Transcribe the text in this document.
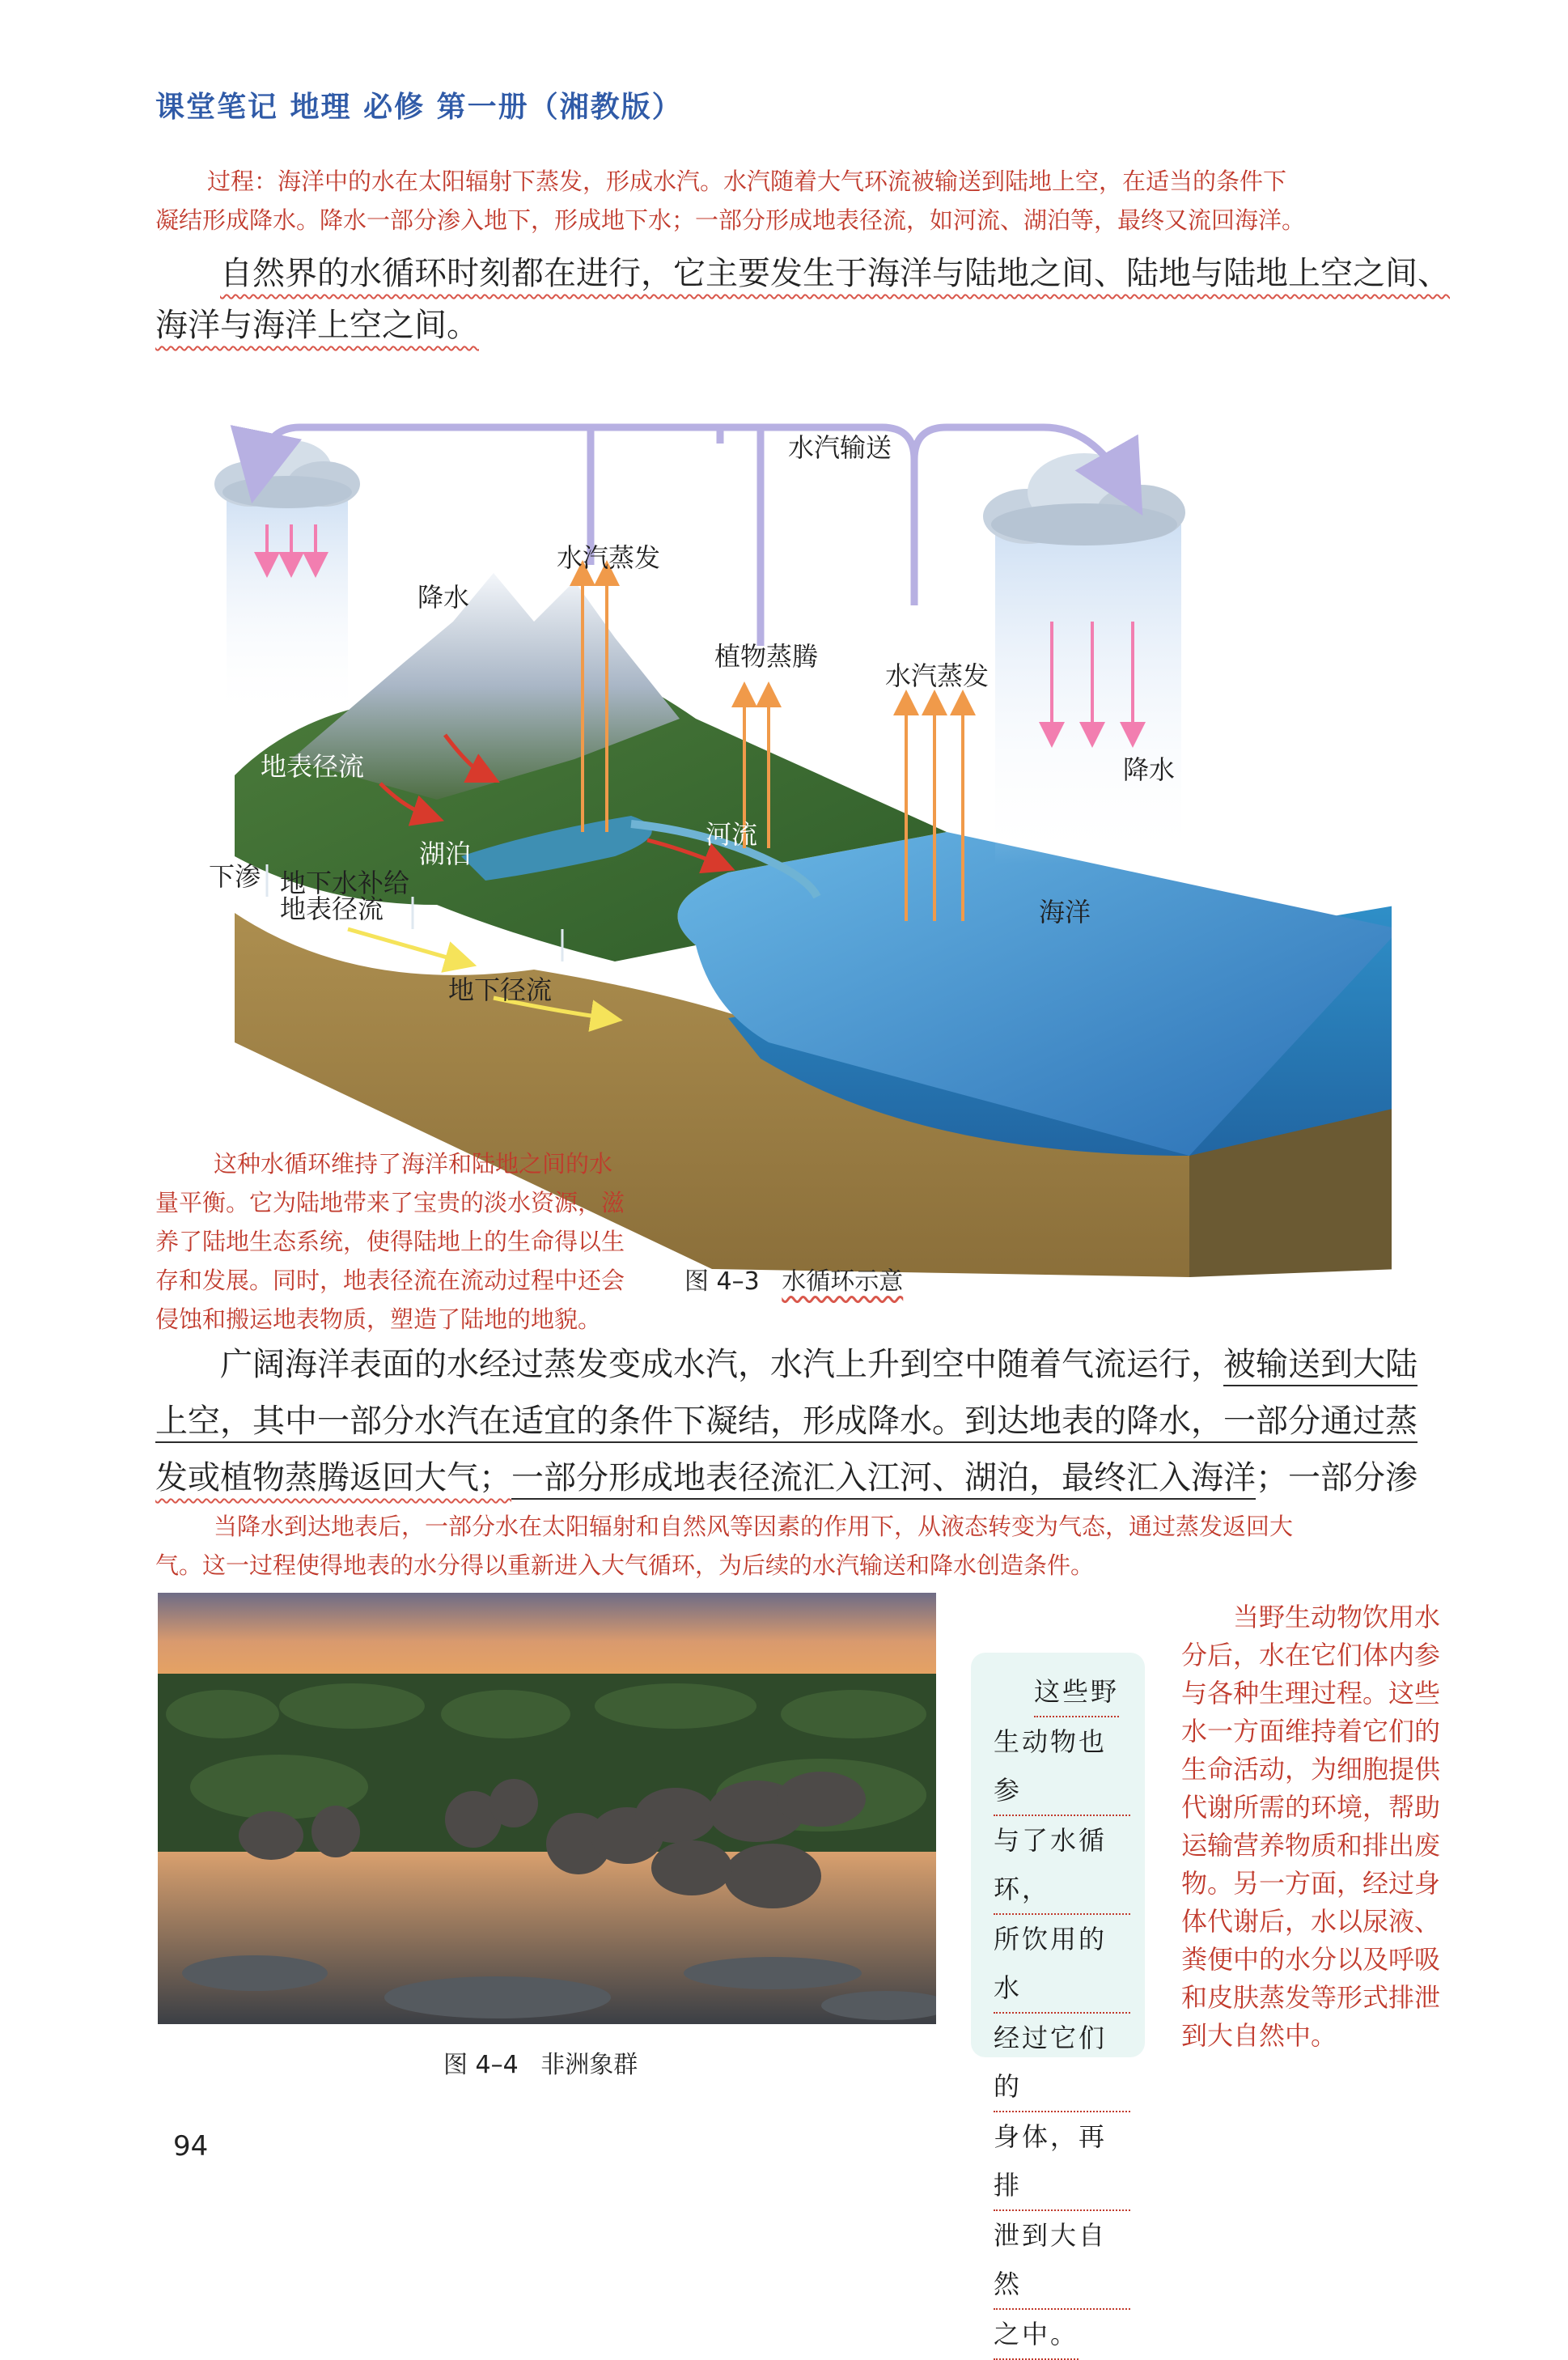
课堂笔记 地理 必修 第一册（湘教版）
过程：海洋中的水在太阳辐射下蒸发，形成水汽。水汽随着大气环流被输送到陆地上空，在适当的条件下
凝结形成降水。降水一部分渗入地下，形成地下水；一部分形成地表径流，如河流、湖泊等，最终又流回海洋。
自然界的水循环时刻都在进行，它主要发生于海洋与陆地之间、陆地与陆地上空之间、
海洋与海洋上空之间。
水汽输送
降水
水汽蒸发
植物蒸腾
水汽蒸发
降水
地表径流
湖泊
河流
下渗 地下水补给
地表径流
地下径流
海洋
这种水循环维持了海洋和陆地之间的水
量平衡。它为陆地带来了宝贵的淡水资源，滋
养了陆地生态系统，使得陆地上的生命得以生
存和发展。同时，地表径流在流动过程中还会
侵蚀和搬运地表物质，塑造了陆地的地貌。
图 4–3 水循环示意
广阔海洋表面的水经过蒸发变成水汽，水汽上升到空中随着气流运行，被输送到大陆
上空，其中一部分水汽在适宜的条件下凝结，形成降水。到达地表的降水，一部分通过蒸
发或植物蒸腾返回大气；一部分形成地表径流汇入江河、湖泊，最终汇入海洋；一部分渗
当降水到达地表后，一部分水在太阳辐射和自然风等因素的作用下，从液态转变为气态，通过蒸发返回大
气。这一过程使得地表的水分得以重新进入大气循环，为后续的水汽输送和降水创造条件。

这些野

生动物也参

与了水循环，

所饮用的水

经过它们的

身体，再排

泄到大自然

之中。

当野生动物饮用水
分后，水在它们体内参
与各种生理过程。这些
水一方面维持着它们的
生命活动，为细胞提供
代谢所需的环境，帮助
运输营养物质和排出废
物。另一方面，经过身
体代谢后，水以尿液、
粪便中的水分以及呼吸
和皮肤蒸发等形式排泄
到大自然中。
图 4–4 非洲象群
94
